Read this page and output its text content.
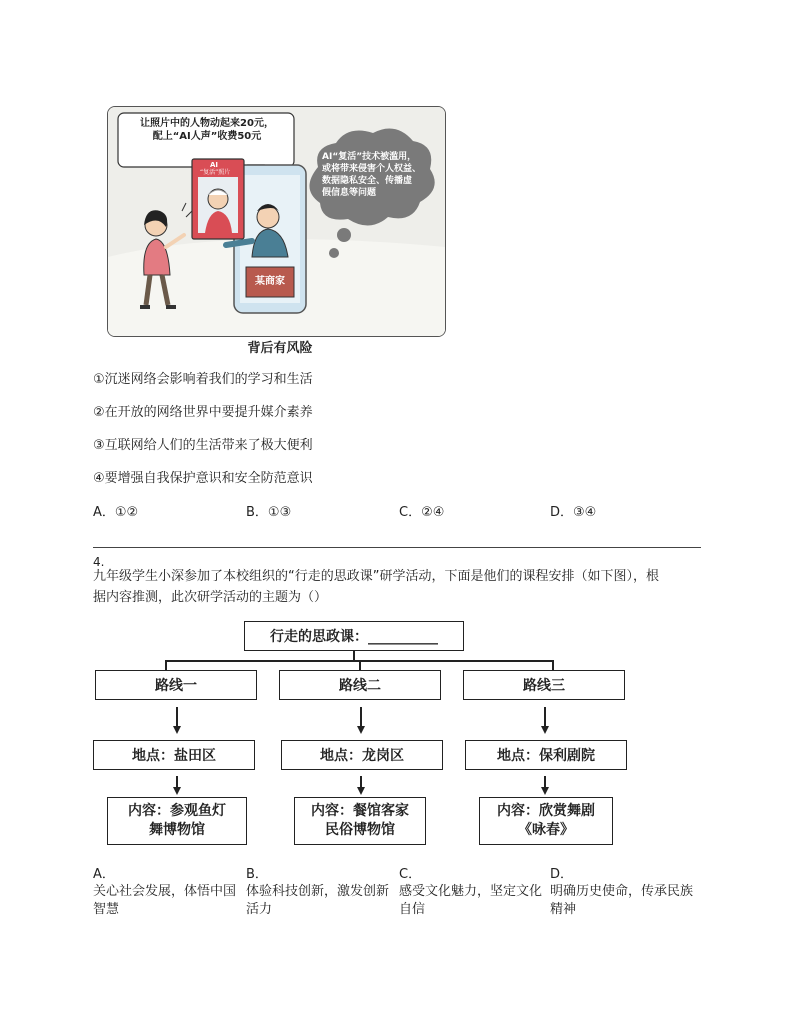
让照片中的人物动起来20元，
配上“AI人声”收费50元
AI“复活”技术被滥用，
或将带来侵害个人权益、
数据隐私安全、传播虚
假信息等问题
AI
“复活”照片
某商家
背后有风险
①沉迷网络会影响着我们的学习和生活
②在开放的网络世界中要提升媒介素养
③互联网给人们的生活带来了极大便利
④要增强自我保护意识和安全防范意识
A．①②	B．①③	C．②④	D．③④
4.
九年级学生小深参加了本校组织的“行走的思政课”研学活动，下面是他们的课程安排（如下图），根
据内容推测，此次研学活动的主题为（）
行走的思政课：__________
路线一	路线二	路线三
地点：盐田区	地点：龙岗区	地点：保利剧院
内容：参观鱼灯
舞博物馆
内容：餐馆客家
民俗博物馆
内容：欣赏舞剧
《咏春》
A．
关心社会发展，体悟中国
智慧
B．
体验科技创新，激发创新
活力
C．
感受文化魅力，坚定文化
自信
D．
明确历史使命，传承民族
精神
